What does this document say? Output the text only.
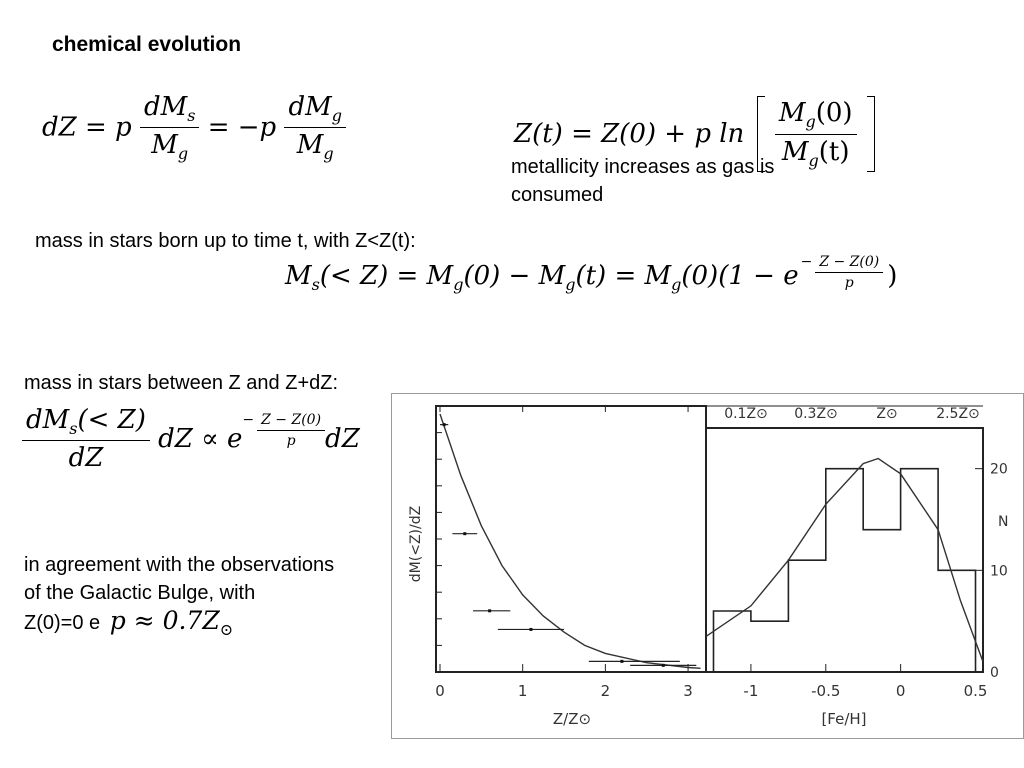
chemical evolution
dZ = p $\frac{dM_s}{M_g} = -p \frac{dM_g}{M_g}$	Z(t) = Z(0) + p $\ln \frac{M_g(0)}{M_g(t)}$

metallicity increases as gas is
consumed
mass in stars born up to time t, with Z<Z(t):
$M_s(< Z) = M_g(0) - M_g(t) = M_g(0)(1 - e$ $^{- \frac{Z - Z(0)}{p}}$ )
mass in stars between Z and Z+dZ:
$\frac{dM_s(< Z)}{dZ}$ dZ ∝ e
$^{- \frac{Z - Z(0)}{p}}$ dZ
in agreement with the observations
of the Galactic Bulge, with
Z(0)=0 e $p \approx 0.7Z_⊙$
0	1	2	3
Z/Z⊙
dM(<Z)/dZ
-1	-0.5	0	0.5
0
10
20
[Fe/H]
N
0.1Z⊙ 0.3Z⊙	Z⊙	2.5Z⊙
